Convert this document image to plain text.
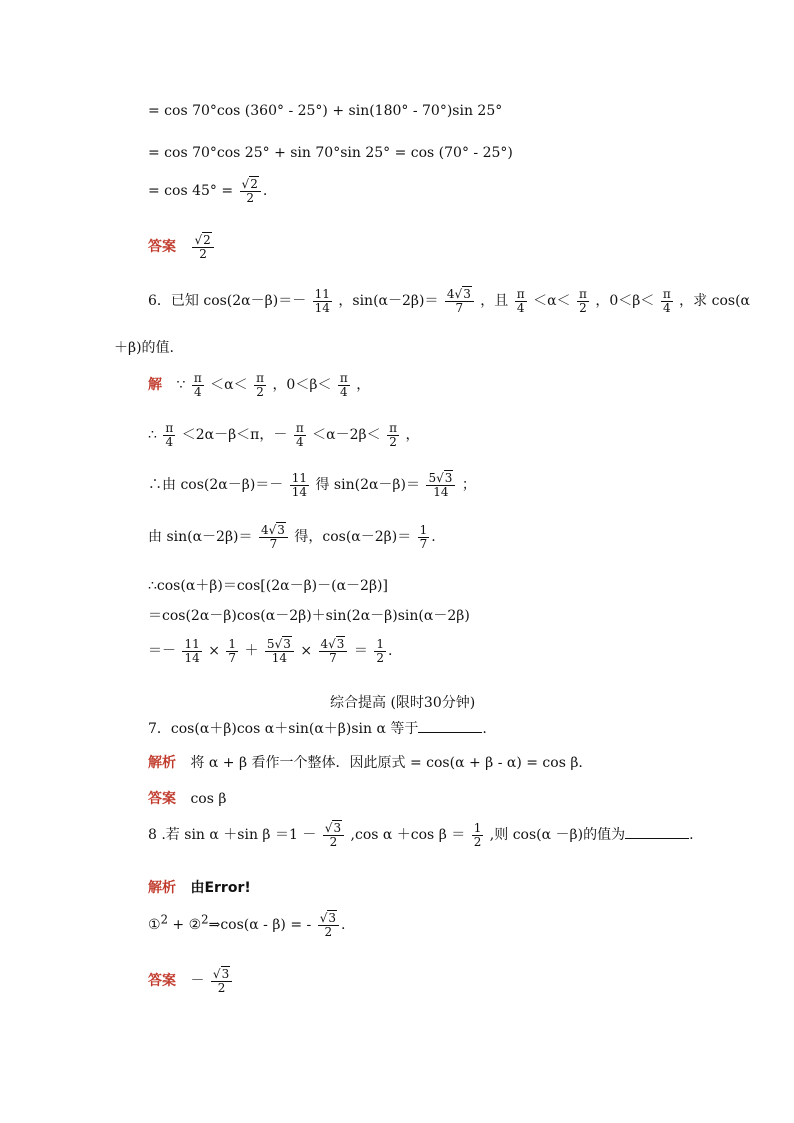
= cos 70°cos (360° - 25°) + sin(180° - 70°)sin 25°
= cos 70°cos 25° + sin 70°sin 25° = cos (70° - 25°)
= $\cos 45^\circ = \frac{√2}{2}$ .
答案 $\frac{√2}{2}$
6．已知 $\cos(2\alpha-\beta)=- \frac{11}{14}$ ，$\sin(\alpha-2\beta)= \frac{4√3}{7}$ ，且 $\frac{\pi}{4} <\alpha< \frac{\pi}{2}$ ，$0<\beta< \frac{\pi}{4}$ ，求 cos(α
＋β)的值.
解 ∵ $\frac{\pi}{4} <\alpha< \frac{\pi}{2}$ ，$0<\beta< \frac{\pi}{4}$ ，
∴ $\frac{\pi}{4} <2\alpha-\beta<\pi$，－ $\frac{\pi}{4} <\alpha-2\beta< \frac{\pi}{2}$ ，
∴由 $\cos(2\alpha-\beta)=- \frac{11}{14}$ 得 $\sin(2\alpha-\beta)= \frac{5√3}{14}$ ；
由 $\sin(\alpha-2\beta)= \frac{4√3}{7}$ 得，$\cos(\alpha-2\beta)= \frac{1}{7}$ .
∴cos(α＋β)＝cos[(2α－β)－(α－2β)]
＝cos(2α－β)cos(α－2β)＋sin(2α－β)sin(α－2β)
＝－ $\frac{11}{14} \times \frac{1}{7} + \frac{5√3}{14} \times \frac{4√3}{7} = \frac{1}{2}$ .
综合提高 (限时30分钟)
7．cos(α＋β)cos α＋sin(α＋β)sin α 等于	.
解析 将 α + β 看作一个整体．因此原式 = cos(α + β - α) = cos β.
答案 cos β
8 .若 sin α ＋sin $\beta =1 - \frac{√3}{2} ,\cos$ α ＋cos $\beta = \frac{1}{2}$ ,则 cos(α －β)的值为	.
解析 由Error!
①$^2$ + ②$^2$⇒cos(α - β) = - $\frac{√3}{2}$ .
答案 － $\frac{√3}{2}$
